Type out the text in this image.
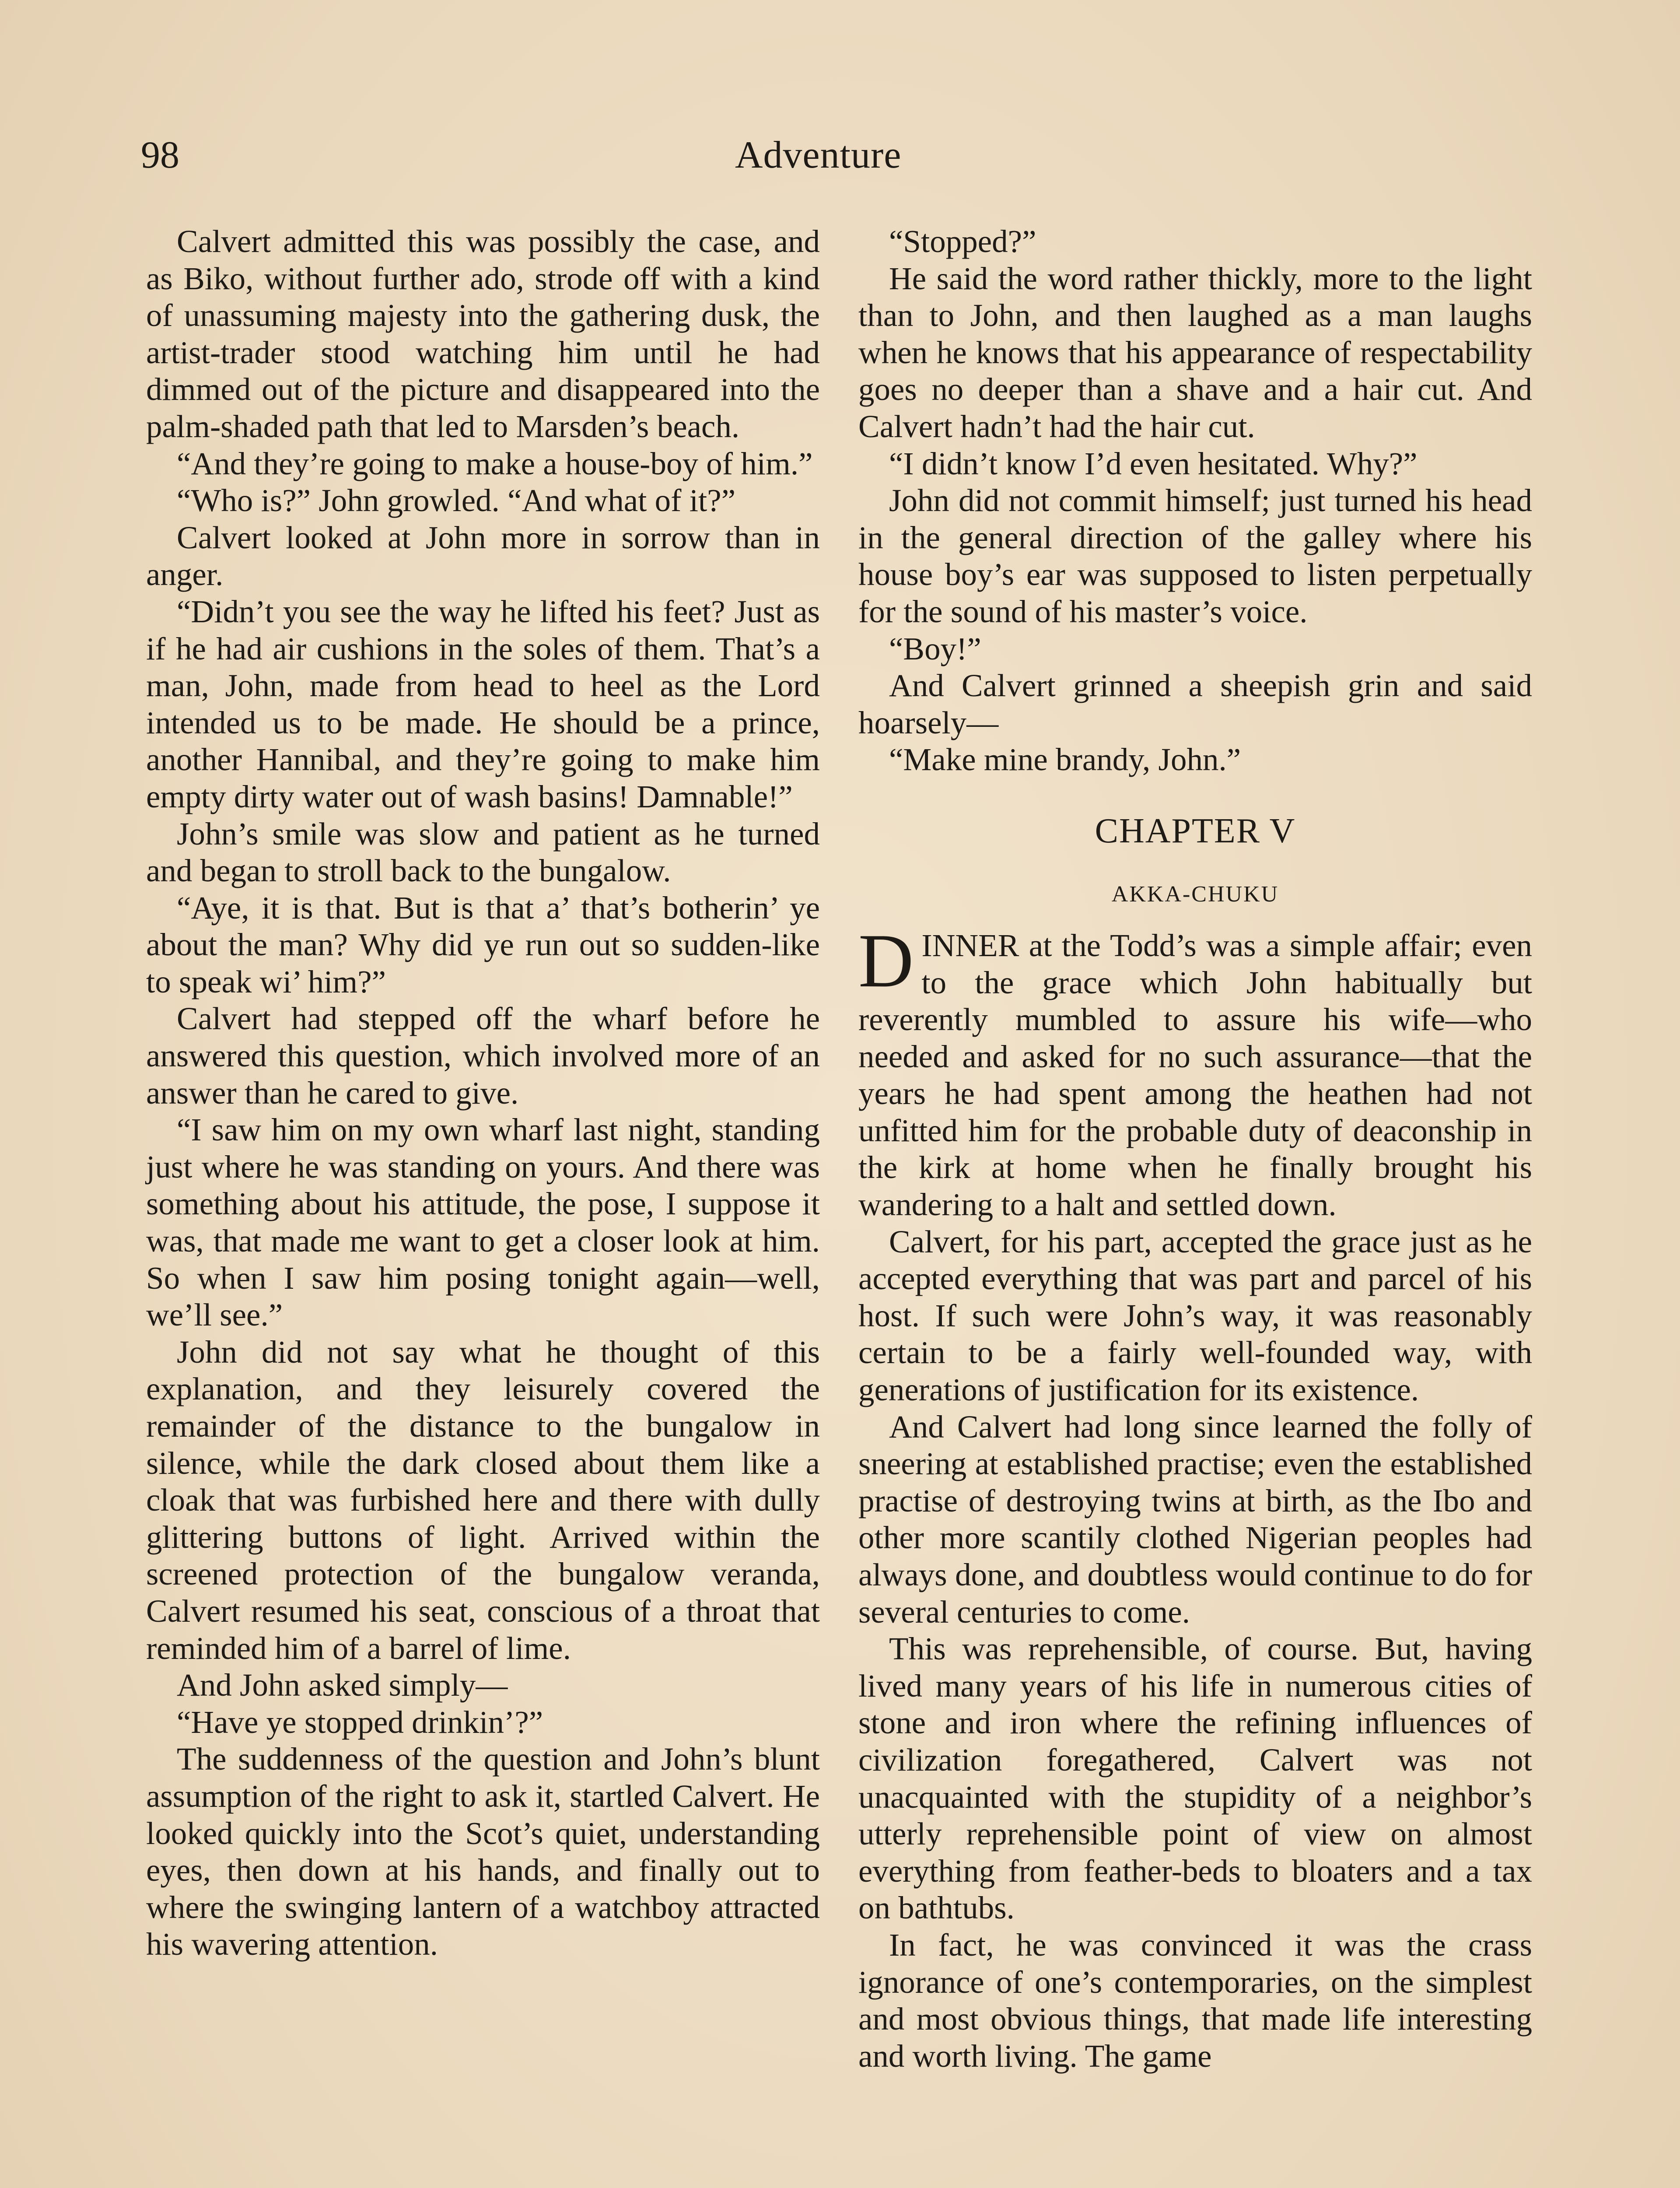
98	Adventure

Calvert admitted this was possibly the case, and as Biko, without further ado, strode off with a kind of unassuming majesty into the gathering dusk, the artist-trader stood watching him until he had dimmed out of the picture and disappeared into the palm-shaded path that led to Marsden’s beach.

“And they’re going to make a house-boy of him.”

“Who is?” John growled. “And what of it?”

Calvert looked at John more in sorrow than in anger.

“Didn’t you see the way he lifted his feet? Just as if he had air cushions in the soles of them. That’s a man, John, made from head to heel as the Lord intended us to be made. He should be a prince, another Hannibal, and they’re going to make him empty dirty water out of wash basins! Damnable!”

John’s smile was slow and patient as he turned and began to stroll back to the bungalow.

“Aye, it is that. But is that a’ that’s botherin’ ye about the man? Why did ye run out so sudden-like to speak wi’ him?”

Calvert had stepped off the wharf before he answered this question, which involved more of an answer than he cared to give.

“I saw him on my own wharf last night, standing just where he was standing on yours. And there was something about his attitude, the pose, I suppose it was, that made me want to get a closer look at him. So when I saw him posing tonight again—well, we’ll see.”

John did not say what he thought of this explanation, and they leisurely covered the remainder of the distance to the bungalow in silence, while the dark closed about them like a cloak that was furbished here and there with dully glittering buttons of light. Arrived within the screened protection of the bungalow veranda, Calvert resumed his seat, conscious of a throat that reminded him of a barrel of lime.

And John asked simply—

“Have ye stopped drinkin’?”

The suddenness of the question and John’s blunt assumption of the right to ask it, startled Calvert. He looked quickly into the Scot’s quiet, understanding eyes, then down at his hands, and finally out to where the swinging lantern of a watchboy attracted his wavering attention.

“Stopped?”

He said the word rather thickly, more to the light than to John, and then laughed as a man laughs when he knows that his appearance of respectability goes no deeper than a shave and a hair cut. And Calvert hadn’t had the hair cut.

“I didn’t know I’d even hesitated. Why?”

John did not commit himself; just turned his head in the general direction of the galley where his house boy’s ear was supposed to listen perpetually for the sound of his master’s voice.

“Boy!”

And Calvert grinned a sheepish grin and said hoarsely—

“Make mine brandy, John.”

CHAPTER V
AKKA-CHUKU

DINNER at the Todd’s was a simple affair; even to the grace which John habitually but reverently mumbled to assure his wife—who needed and asked for no such assurance—that the years he had spent among the heathen had not unfitted him for the probable duty of deaconship in the kirk at home when he finally brought his wandering to a halt and settled down.

Calvert, for his part, accepted the grace just as he accepted everything that was part and parcel of his host. If such were John’s way, it was reasonably certain to be a fairly well-founded way, with generations of justification for its existence.

And Calvert had long since learned the folly of sneering at established practise; even the established practise of destroying twins at birth, as the Ibo and other more scantily clothed Nigerian peoples had always done, and doubtless would continue to do for several centuries to come.

This was reprehensible, of course. But, having lived many years of his life in numerous cities of stone and iron where the refining influences of civilization foregathered, Calvert was not unacquainted with the stupidity of a neighbor’s utterly reprehensible point of view on almost everything from feather-beds to bloaters and a tax on bathtubs.

In fact, he was convinced it was the crass ignorance of one’s contemporaries, on the simplest and most obvious things, that made life interesting and worth living. The game
